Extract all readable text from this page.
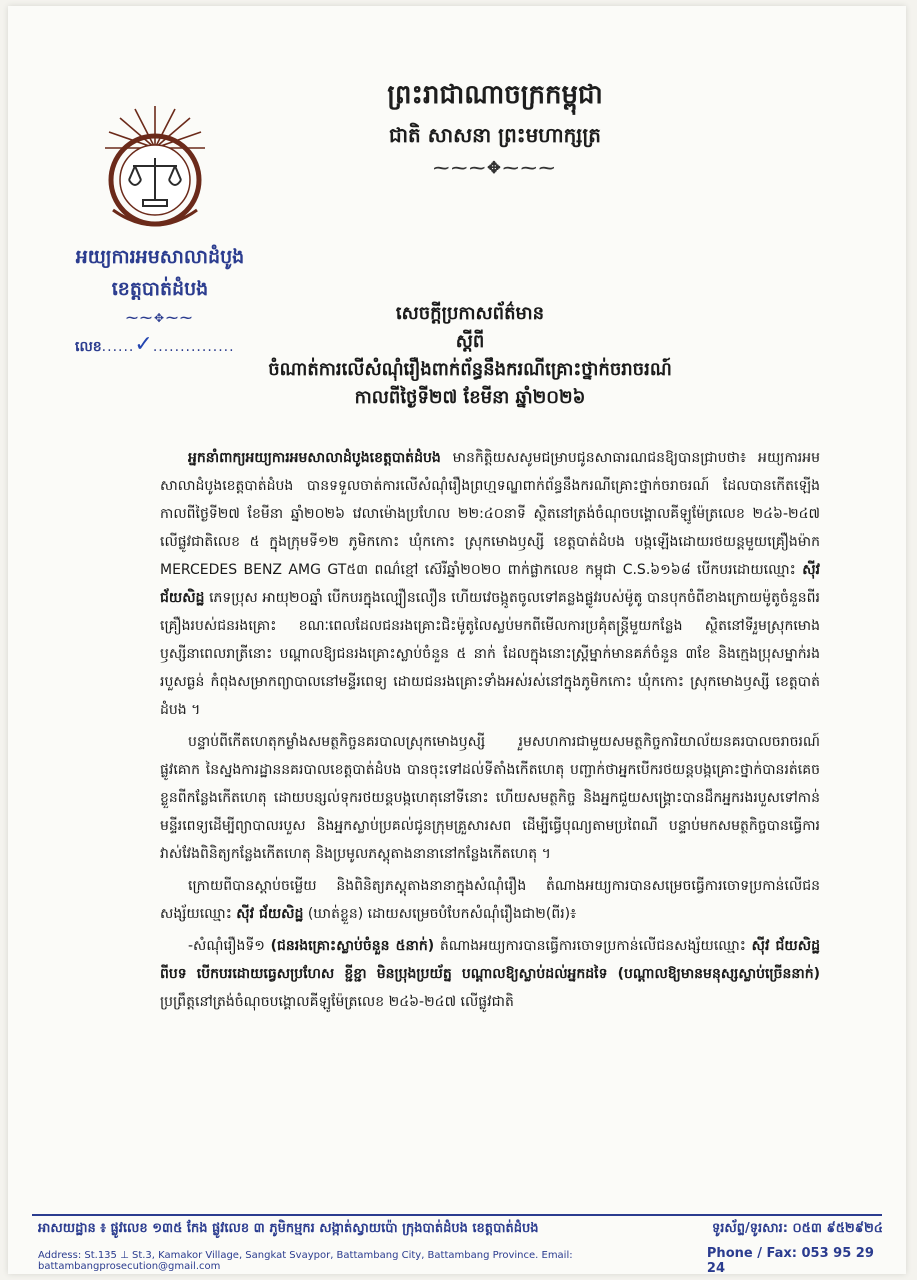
ព្រះរាជាណាចក្រកម្ពុជា
ជាតិ សាសនា ព្រះមហាក្សត្រ
⁓⁓⁓✥⁓⁓⁓
អយ្យការអមសាលាដំបូង
ខេត្តបាត់ដំបង
⁓⁓✥⁓⁓
លេខ......✓...............
សេចក្ដីប្រកាសព័ត៌មាន
ស្ដីពី
ចំណាត់ការលើសំណុំរឿងពាក់ព័ន្ធនឹងករណីគ្រោះថ្នាក់ចរាចរណ៍
កាលពីថ្ងៃទី២៧ ខែមីនា ឆ្នាំ២០២៦

អ្នកនាំពាក្យអយ្យការអមសាលាដំបូងខេត្តបាត់ដំបង មានកិត្តិយសសូមជម្រាបជូនសាធារណជនឱ្យបានជ្រាបថា៖ អយ្យការអមសាលាដំបូងខេត្តបាត់ដំបង បានទទួលចាត់ការលើសំណុំរឿងព្រហ្មទណ្ឌពាក់ព័ន្ធនឹងករណីគ្រោះថ្នាក់ចរាចរណ៍ ដែលបានកើតឡើងកាលពីថ្ងៃទី២៧ ខែមីនា ឆ្នាំ២០២៦ វេលាម៉ោងប្រហែល ២២:៤០នាទី ស្ថិតនៅត្រង់ចំណុចបង្គោលគីឡូម៉ែត្រលេខ ២៤៦-២៤៧ លើផ្លូវជាតិលេខ ៥ ក្នុងក្រុមទី១២ ភូមិកកោះ ឃុំកកោះ ស្រុកមោងឫស្សី ខេត្តបាត់ដំបង បង្កឡើងដោយរថយន្តមួយគ្រឿងម៉ាក MERCEDES BENZ AMG GT៥៣ ពណ៌ខ្មៅ ស៊េរីឆ្នាំ២០២០ ពាក់ផ្លាកលេខ កម្ពុជា C.S.៦១៦៨ បើកបរដោយឈ្មោះ ស៊ីវ ជ័យសិដ្ឋ ភេទប្រុស អាយុ២០ឆ្នាំ បើកបរក្នុងល្បឿនលឿន ហើយវេចង្កូតចូលទៅគន្លងផ្លូវរបស់ម៉ូតូ បានបុកចំពីខាងក្រោយម៉ូតូចំនួនពីរគ្រឿងរបស់ជនរងគ្រោះ ខណៈពេលដែលជនរងគ្រោះជិះម៉ូតូលៃស្លប់មកពីមើលការប្រគុំតន្ត្រីមួយកន្លែង ស្ថិតនៅទីរួមស្រុកមោងឫស្សីនាពេលរាត្រីនោះ បណ្ដាលឱ្យជនរងគ្រោះស្លាប់ចំនួន ៥ នាក់ ដែលក្នុងនោះស្ត្រីម្នាក់មានគភ៌ចំនួន ៣ខែ និងក្មេងប្រុសម្នាក់រងរបួសធ្ងន់ កំពុងសម្រាកព្យាបាលនៅមន្ទីរពេទ្យ ដោយជនរងគ្រោះទាំងអស់រស់នៅក្នុងភូមិកកោះ ឃុំកកោះ ស្រុកមោងឫស្សី ខេត្តបាត់ដំបង ។

បន្ទាប់ពីកើតហេតុកម្លាំងសមត្ថកិច្ចនគរបាលស្រុកមោងឫស្សី រួមសហការជាមួយសមត្ថកិច្ចការិយាល័យនគរបាលចរាចរណ៍ផ្លូវគោក នៃស្នងការដ្ឋាននគរបាលខេត្តបាត់ដំបង បានចុះទៅដល់ទីតាំងកើតហេតុ បញ្ជាក់ថាអ្នកបើករថយន្តបង្កគ្រោះថ្នាក់បានរត់គេចខ្លួនពីកន្លែងកើតហេតុ ដោយបន្សល់ទុករថយន្តបង្កហេតុនៅទីនោះ ហើយសមត្ថកិច្ច និងអ្នកជួយសង្គ្រោះបានដឹកអ្នករងរបួសទៅកាន់មន្ទីរពេទ្យដើម្បីព្យាបាលរបួស និងអ្នកស្លាប់ប្រគល់ជូនក្រុមគ្រួសារសព ដើម្បីធ្វើបុណ្យតាមប្រពៃណី បន្ទាប់មកសមត្ថកិច្ចបានធ្វើការវាស់វែងពិនិត្យកន្លែងកើតហេតុ និងប្រមូលភស្តុតាងនានានៅកន្លែងកើតហេតុ ។

ក្រោយពីបានស្ដាប់ចម្លើយ និងពិនិត្យភស្តុតាងនានាក្នុងសំណុំរឿង តំណាងអយ្យការបានសម្រេចធ្វើការចោទប្រកាន់លើជនសង្ស័យឈ្មោះ ស៊ីវ ជ័យសិដ្ឋ (ឃាត់ខ្លួន) ដោយសម្រេចបំបែកសំណុំរឿងជា២(ពីរ)៖

-សំណុំរឿងទី១ (ជនរងគ្រោះស្លាប់ចំនួន ៥នាក់) តំណាងអយ្យការបានធ្វើការចោទប្រកាន់លើជនសង្ស័យឈ្មោះ ស៊ីវ ជ័យសិដ្ឋ ពីបទ បើកបរដោយធ្វេសប្រហែស ខ្ជីខ្ជា មិនប្រុងប្រយ័ត្ន បណ្ដាលឱ្យស្លាប់ដល់អ្នកដទៃ (បណ្ដាលឱ្យមានមនុស្សស្លាប់ច្រើននាក់) ប្រព្រឹត្តនៅត្រង់ចំណុចបង្គោលគីឡូម៉ែត្រលេខ ២៤៦-២៤៧ លើផ្លូវជាតិ

អាសយដ្ឋាន ៖ ផ្លូវលេខ ១៣៥ កែង ផ្លូវលេខ ៣ ភូមិកម្មករ សង្កាត់ស្វាយប៉ោ ក្រុងបាត់ដំបង ខេត្តបាត់ដំបង	ទូរស័ព្ទ/ទូរសារ: ០៥៣ ៩៥២៩២៤
Address: St.135 ⊥ St.3, Kamakor Village, Sangkat Svaypor, Battambang City, Battambang Province. Email: battambangprosecution@gmail.com
Phone / Fax: 053 95 29 24
